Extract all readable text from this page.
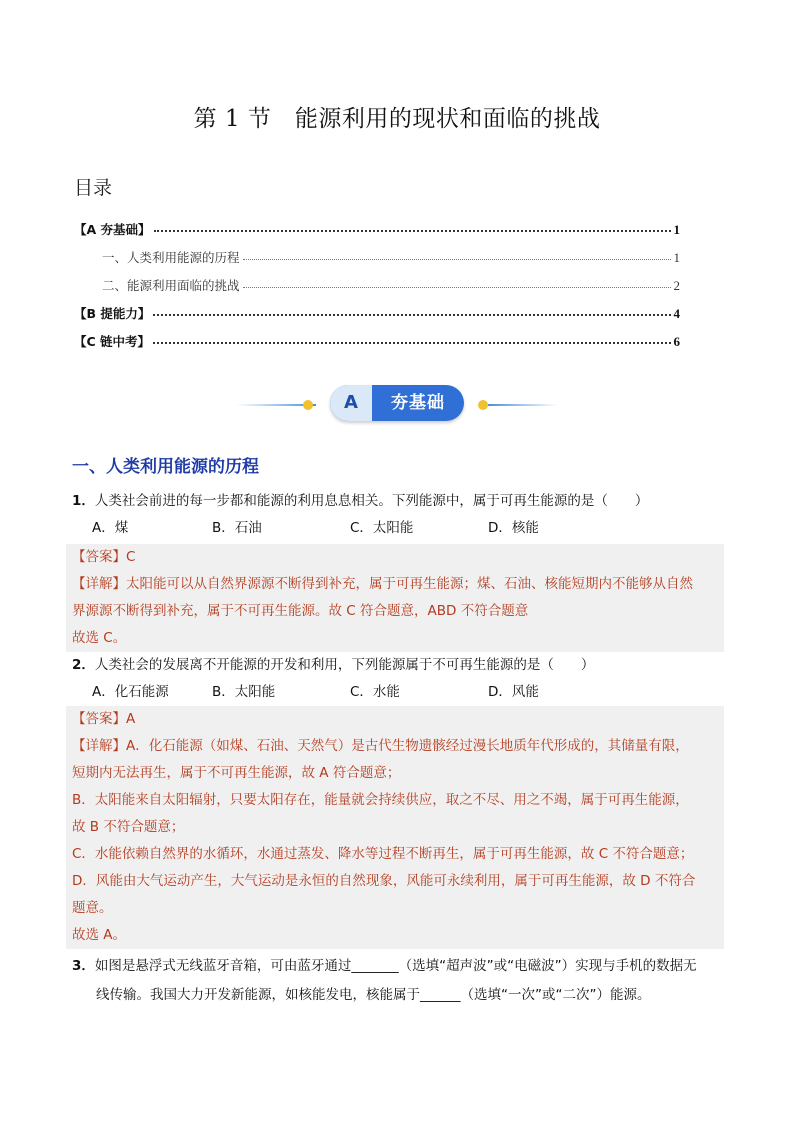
第 1 节 能源利用的现状和面临的挑战
目录
【A 夯基础】	1
一、人类利用能源的历程	1
二、能源利用面临的挑战	2
【B 提能力】	4
【C 链中考】	6
A	夯基础
一、人类利用能源的历程
1．人类社会前进的每一步都和能源的利用息息相关。下列能源中，属于可再生能源的是（　　）
A．煤	B．石油	C．太阳能	D．核能
【答案】C
【详解】太阳能可以从自然界源源不断得到补充，属于可再生能源；煤、石油、核能短期内不能够从自然
界源源不断得到补充，属于不可再生能源。故 C 符合题意，ABD 不符合题意
故选 C。
2．人类社会的发展离不开能源的开发和利用，下列能源属于不可再生能源的是（　　）
A．化石能源	B．太阳能	C．水能	D．风能
【答案】A
【详解】A．化石能源（如煤、石油、天然气）是古代生物遗骸经过漫长地质年代形成的，其储量有限，
短期内无法再生，属于不可再生能源，故 A 符合题意；
B．太阳能来自太阳辐射，只要太阳存在，能量就会持续供应，取之不尽、用之不竭，属于可再生能源，
故 B 不符合题意；
C．水能依赖自然界的水循环，水通过蒸发、降水等过程不断再生，属于可再生能源，故 C 不符合题意；
D．风能由大气运动产生，大气运动是永恒的自然现象，风能可永续利用，属于可再生能源，故 D 不符合
题意。
故选 A。
3．如图是悬浮式无线蓝牙音箱，可由蓝牙通过_______（选填“超声波”或“电磁波”）实现与手机的数据无
线传输。我国大力开发新能源，如核能发电，核能属于______（选填“一次”或“二次”）能源。
